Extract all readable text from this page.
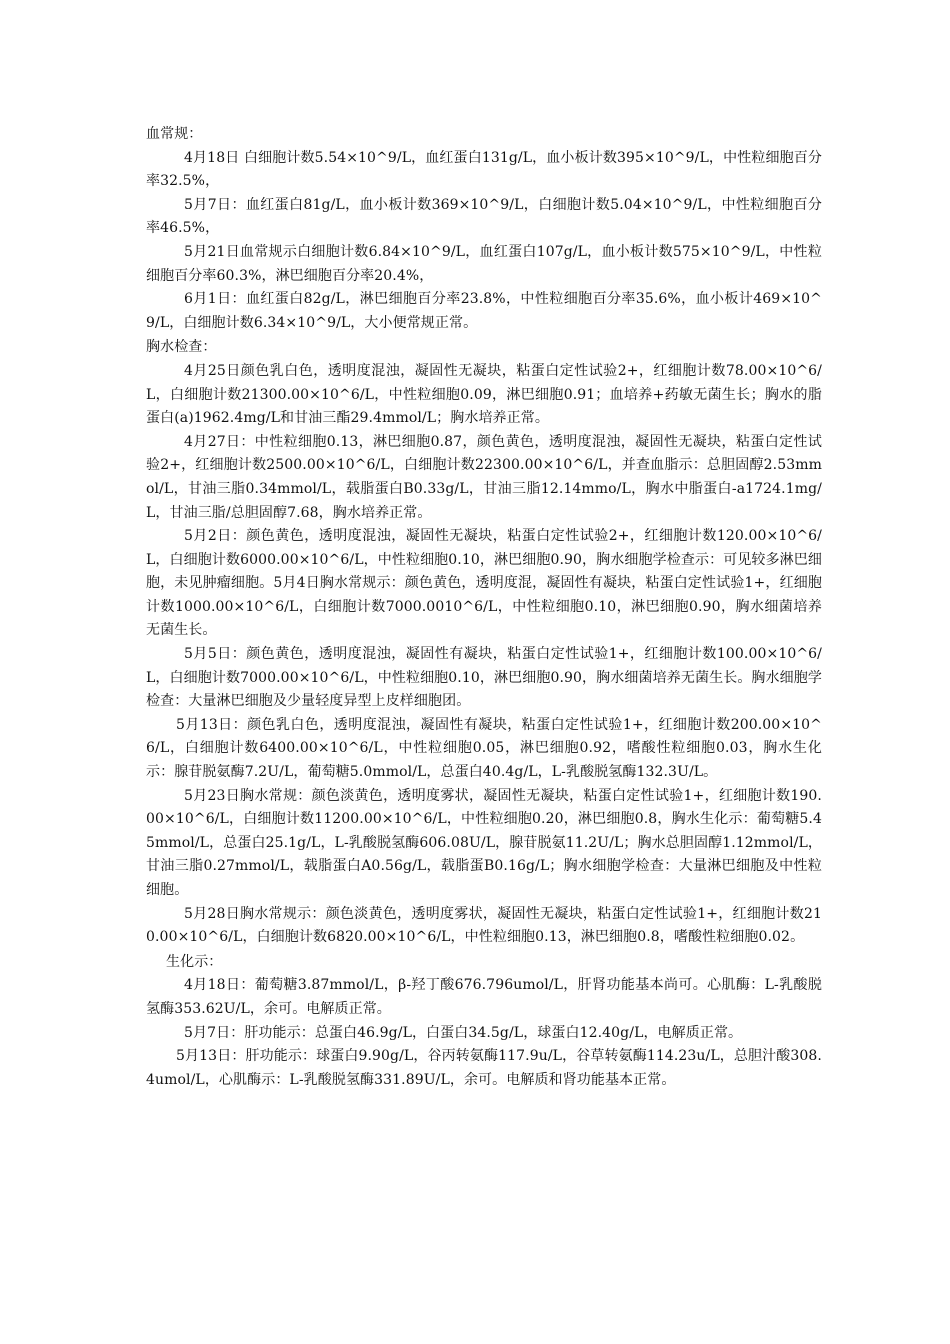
血常规：

4月18日 白细胞计数5.54×10^9/L，血红蛋白131g/L，血小板计数395×10^9/L，中性粒细胞百分率32.5%，

5月7日：血红蛋白81g/L，血小板计数369×10^9/L，白细胞计数5.04×10^9/L，中性粒细胞百分率46.5%，

5月21日血常规示白细胞计数6.84×10^9/L，血红蛋白107g/L，血小板计数575×10^9/L，中性粒细胞百分率60.3%，淋巴细胞百分率20.4%，

6月1日：血红蛋白82g/L，淋巴细胞百分率23.8%，中性粒细胞百分率35.6%，血小板计469×10^9/L，白细胞计数6.34×10^9/L，大小便常规正常。

胸水检查：

4月25日颜色乳白色，透明度混浊，凝固性无凝块，粘蛋白定性试验2+，红细胞计数78.00×10^6/L，白细胞计数21300.00×10^6/L，中性粒细胞0.09，淋巴细胞0.91；血培养+药敏无菌生长；胸水的脂蛋白(a)1962.4mg/L和甘油三酯29.4mmol/L；胸水培养正常。

4月27日：中性粒细胞0.13，淋巴细胞0.87，颜色黄色，透明度混浊，凝固性无凝块，粘蛋白定性试验2+，红细胞计数2500.00×10^6/L，白细胞计数22300.00×10^6/L，并查血脂示：总胆固醇2.53mmol/L，甘油三脂0.34mmol/L，载脂蛋白B0.33g/L，甘油三脂12.14mmo/L，胸水中脂蛋白-a1724.1mg/L，甘油三脂/总胆固醇7.68，胸水培养正常。

5月2日：颜色黄色，透明度混浊，凝固性无凝块，粘蛋白定性试验2+，红细胞计数120.00×10^6/L，白细胞计数6000.00×10^6/L，中性粒细胞0.10，淋巴细胞0.90，胸水细胞学检查示：可见较多淋巴细胞，未见肿瘤细胞。5月4日胸水常规示：颜色黄色，透明度混，凝固性有凝块，粘蛋白定性试验1+，红细胞计数1000.00×10^6/L，白细胞计数7000.0010^6/L，中性粒细胞0.10，淋巴细胞0.90，胸水细菌培养无菌生长。

5月5日：颜色黄色，透明度混浊，凝固性有凝块，粘蛋白定性试验1+，红细胞计数100.00×10^6/L，白细胞计数7000.00×10^6/L，中性粒细胞0.10，淋巴细胞0.90，胸水细菌培养无菌生长。胸水细胞学检查：大量淋巴细胞及少量轻度异型上皮样细胞团。

5月13日：颜色乳白色，透明度混浊，凝固性有凝块，粘蛋白定性试验1+，红细胞计数200.00×10^6/L，白细胞计数6400.00×10^6/L，中性粒细胞0.05，淋巴细胞0.92，嗜酸性粒细胞0.03，胸水生化示：腺苷脱氨酶7.2U/L，葡萄糖5.0mmol/L，总蛋白40.4g/L，L-乳酸脱氢酶132.3U/L。

5月23日胸水常规：颜色淡黄色，透明度雾状，凝固性无凝块，粘蛋白定性试验1+，红细胞计数190.00×10^6/L，白细胞计数11200.00×10^6/L，中性粒细胞0.20，淋巴细胞0.8，胸水生化示：葡萄糖5.45mmol/L，总蛋白25.1g/L，L-乳酸脱氢酶606.08U/L，腺苷脱氨11.2U/L；胸水总胆固醇1.12mmol/L，甘油三脂0.27mmol/L，载脂蛋白A0.56g/L，载脂蛋B0.16g/L；胸水细胞学检查：大量淋巴细胞及中性粒细胞。

5月28日胸水常规示：颜色淡黄色，透明度雾状，凝固性无凝块，粘蛋白定性试验1+，红细胞计数210.00×10^6/L，白细胞计数6820.00×10^6/L，中性粒细胞0.13，淋巴细胞0.8，嗜酸性粒细胞0.02。

生化示：

4月18日：葡萄糖3.87mmol/L，β-羟丁酸676.796umol/L，肝肾功能基本尚可。心肌酶：L-乳酸脱氢酶353.62U/L，余可。电解质正常。

5月7日：肝功能示：总蛋白46.9g/L，白蛋白34.5g/L，球蛋白12.40g/L，电解质正常。

5月13日：肝功能示：球蛋白9.90g/L，谷丙转氨酶117.9u/L，谷草转氨酶114.23u/L，总胆汁酸308.4umol/L，心肌酶示：L-乳酸脱氢酶331.89U/L，余可。电解质和肾功能基本正常。
